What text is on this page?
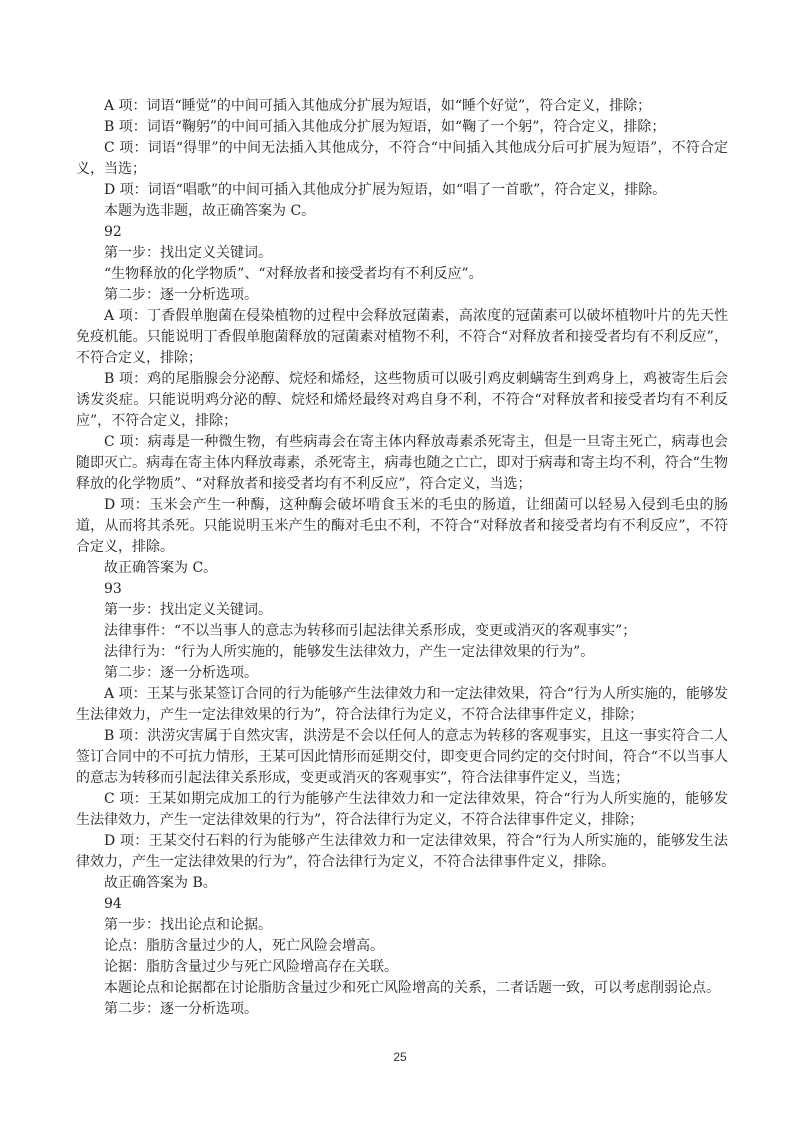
A 项：词语“睡觉”的中间可插入其他成分扩展为短语，如“睡个好觉”，符合定义，排除；

B 项：词语“鞠躬”的中间可插入其他成分扩展为短语，如“鞠了一个躬”，符合定义，排除；

C 项：词语“得罪”的中间无法插入其他成分，不符合“中间插入其他成分后可扩展为短语”，不符合定义，当选；

D 项：词语“唱歌”的中间可插入其他成分扩展为短语，如“唱了一首歌”，符合定义，排除。

本题为选非题，故正确答案为 C。

92

第一步：找出定义关键词。

“生物释放的化学物质”、“对释放者和接受者均有不利反应”。

第二步：逐一分析选项。

A 项：丁香假单胞菌在侵染植物的过程中会释放冠菌素，高浓度的冠菌素可以破坏植物叶片的先天性免疫机能。只能说明丁香假单胞菌释放的冠菌素对植物不利，不符合“对释放者和接受者均有不利反应”，不符合定义，排除；

B 项：鸡的尾脂腺会分泌醇、烷烃和烯烃，这些物质可以吸引鸡皮刺螨寄生到鸡身上，鸡被寄生后会诱发炎症。只能说明鸡分泌的醇、烷烃和烯烃最终对鸡自身不利，不符合“对释放者和接受者均有不利反应”，不符合定义，排除；

C 项：病毒是一种微生物，有些病毒会在寄主体内释放毒素杀死寄主，但是一旦寄主死亡，病毒也会随即灭亡。病毒在寄主体内释放毒素，杀死寄主，病毒也随之亡亡，即对于病毒和寄主均不利，符合“生物释放的化学物质”、“对释放者和接受者均有不利反应”，符合定义，当选；

D 项：玉米会产生一种酶，这种酶会破坏啃食玉米的毛虫的肠道，让细菌可以轻易入侵到毛虫的肠道，从而将其杀死。只能说明玉米产生的酶对毛虫不利，不符合“对释放者和接受者均有不利反应”，不符合定义，排除。

故正确答案为 C。

93

第一步：找出定义关键词。

法律事件：“不以当事人的意志为转移而引起法律关系形成，变更或消灭的客观事实”；

法律行为：“行为人所实施的，能够发生法律效力，产生一定法律效果的行为”。

第二步：逐一分析选项。

A 项：王某与张某签订合同的行为能够产生法律效力和一定法律效果，符合“行为人所实施的，能够发生法律效力，产生一定法律效果的行为”，符合法律行为定义，不符合法律事件定义，排除；

B 项：洪涝灾害属于自然灾害，洪涝是不会以任何人的意志为转移的客观事实，且这一事实符合二人签订合同中的不可抗力情形，王某可因此情形而延期交付，即变更合同约定的交付时间，符合“不以当事人的意志为转移而引起法律关系形成，变更或消灭的客观事实”，符合法律事件定义，当选；

C 项：王某如期完成加工的行为能够产生法律效力和一定法律效果，符合“行为人所实施的，能够发生法律效力，产生一定法律效果的行为”，符合法律行为定义，不符合法律事件定义，排除；

D 项：王某交付石料的行为能够产生法律效力和一定法律效果，符合“行为人所实施的，能够发生法律效力，产生一定法律效果的行为”，符合法律行为定义，不符合法律事件定义，排除。

故正确答案为 B。

94

第一步：找出论点和论据。

论点：脂肪含量过少的人，死亡风险会增高。

论据：脂肪含量过少与死亡风险增高存在关联。

本题论点和论据都在讨论脂肪含量过少和死亡风险增高的关系，二者话题一致，可以考虑削弱论点。

第二步：逐一分析选项。

25
